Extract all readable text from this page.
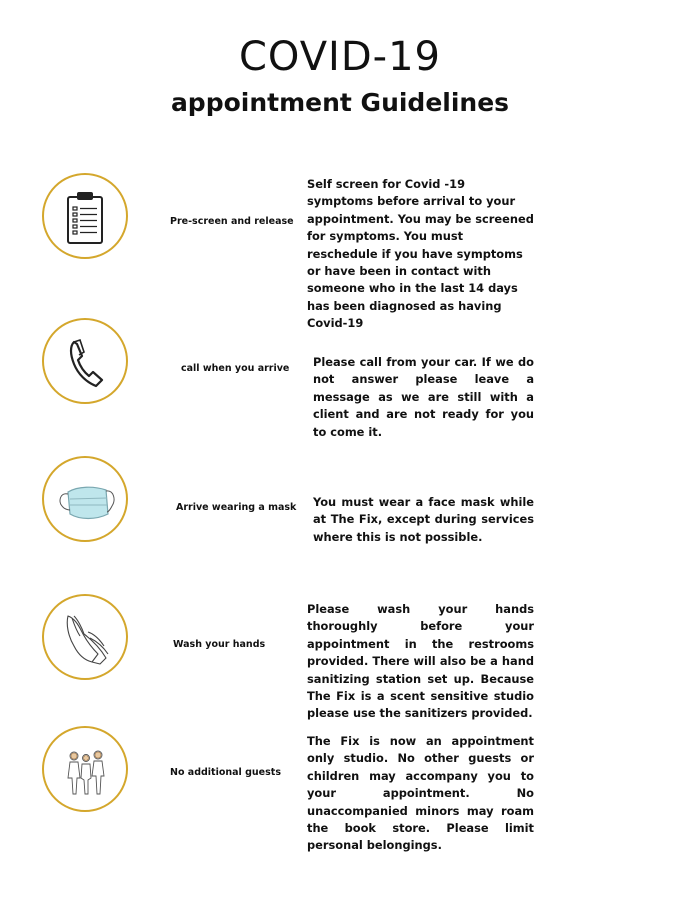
COVID-19
appointment Guidelines
Pre-screen and release
Self screen for Covid -19 symptoms before arrival to your appointment. You may be screened for symptoms. You must reschedule if you have symptoms or have been in contact with someone who in the last 14 days has been diagnosed as having Covid-19
call when you arrive Please call from your car. If we do not answer please leave a message as we are still with a client and are not ready for you to come it.
Arrive wearing a mask You must wear a face mask while at The Fix, except during services where this is not possible.
Wash your hands
Please wash your hands thoroughly before your appointment in the restrooms provided. There will also be a hand sanitizing station set up. Because The Fix is a scent sensitive studio please use the sanitizers provided.
No additional guests
The Fix is now an appointment only studio. No other guests or children may accompany you to your appointment. No unaccompanied minors may roam the book store. Please limit personal belongings.
